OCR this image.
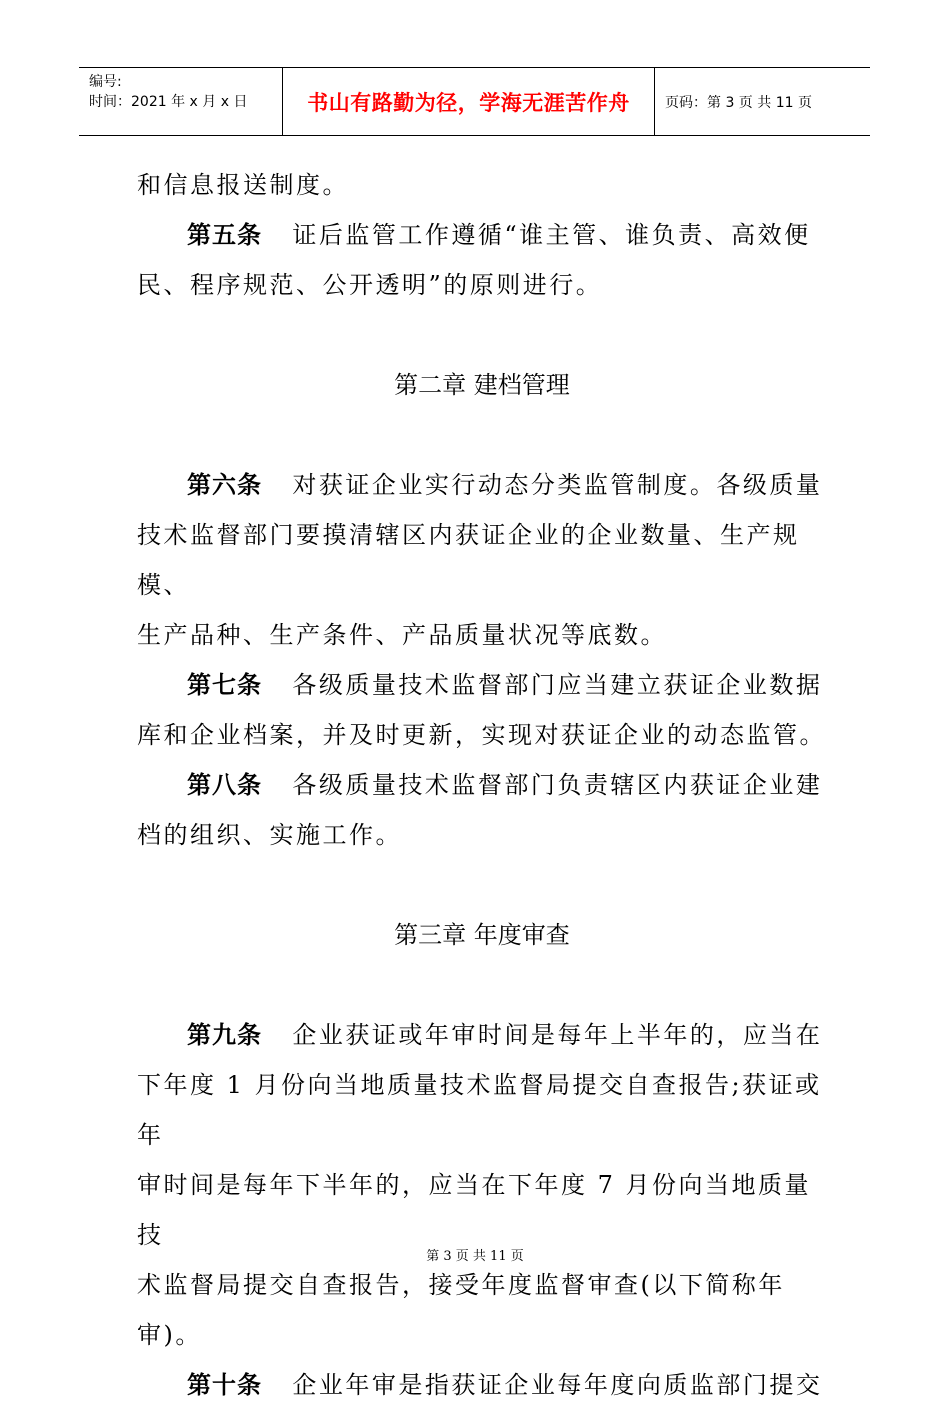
编号:
时间：2021 年 x 月 x 日	书山有路勤为径，学海无涯苦作舟	页码：第 3 页 共 11 页

和信息报送制度。

第五条 证后监管工作遵循“谁主管、谁负责、高效便

民、程序规范、公开透明”的原则进行。

第二章 建档管理

第六条 对获证企业实行动态分类监管制度。各级质量

技术监督部门要摸清辖区内获证企业的企业数量、生产规模、

生产品种、生产条件、产品质量状况等底数。

第七条 各级质量技术监督部门应当建立获证企业数据

库和企业档案，并及时更新，实现对获证企业的动态监管。

第八条 各级质量技术监督部门负责辖区内获证企业建

档的组织、实施工作。

第三章 年度审查

第九条 企业获证或年审时间是每年上半年的，应当在

下年度 1 月份向当地质量技术监督局提交自查报告;获证或年

审时间是每年下半年的，应当在下年度 7 月份向当地质量技

术监督局提交自查报告，接受年度监督审查(以下简称年审)。

第十条 企业年审是指获证企业每年度向质监部门提交

第 3 页 共 11 页
